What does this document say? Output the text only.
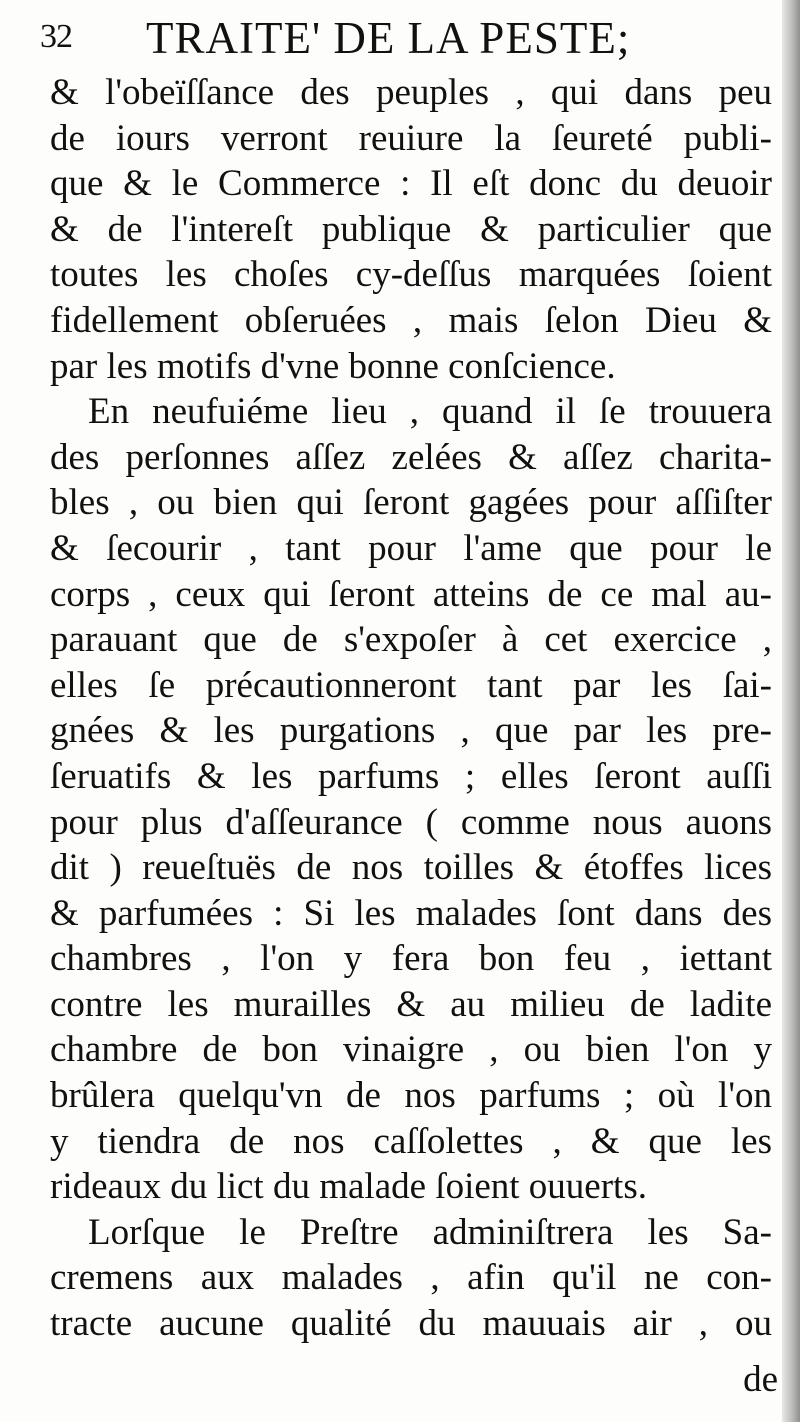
32 TRAITE' DE LA PESTE;
& l'obeïſſance des peuples , qui dans peu
de iours verront reuiure la ſeureté publi-
que & le Commerce : Il eſt donc du deuoir
& de l'intereſt publique & particulier que
toutes les choſes cy-deſſus marquées ſoient
fidellement obſeruées , mais ſelon Dieu &
par les motifs d'vne bonne conſcience.
En neufuiéme lieu , quand il ſe trouuera
des perſonnes aſſez zelées & aſſez charita-
bles , ou bien qui ſeront gagées pour aſſiſter
& ſecourir , tant pour l'ame que pour le
corps , ceux qui ſeront atteins de ce mal au-
parauant que de s'expoſer à cet exercice ,
elles ſe précautionneront tant par les ſai-
gnées & les purgations , que par les pre-
ſeruatifs & les parfums ; elles ſeront auſſi
pour plus d'aſſeurance ( comme nous auons
dit ) reueſtuës de nos toilles & étoffes lices
& parfumées : Si les malades ſont dans des
chambres , l'on y fera bon feu , iettant
contre les murailles & au milieu de ladite
chambre de bon vinaigre , ou bien l'on y
brûlera quelqu'vn de nos parfums ; où l'on
y tiendra de nos caſſolettes , & que les
rideaux du lict du malade ſoient ouuerts.
Lorſque le Preſtre adminiſtrera les Sa-
cremens aux malades , afin qu'il ne con-
tracte aucune qualité du mauuais air , ou
de
